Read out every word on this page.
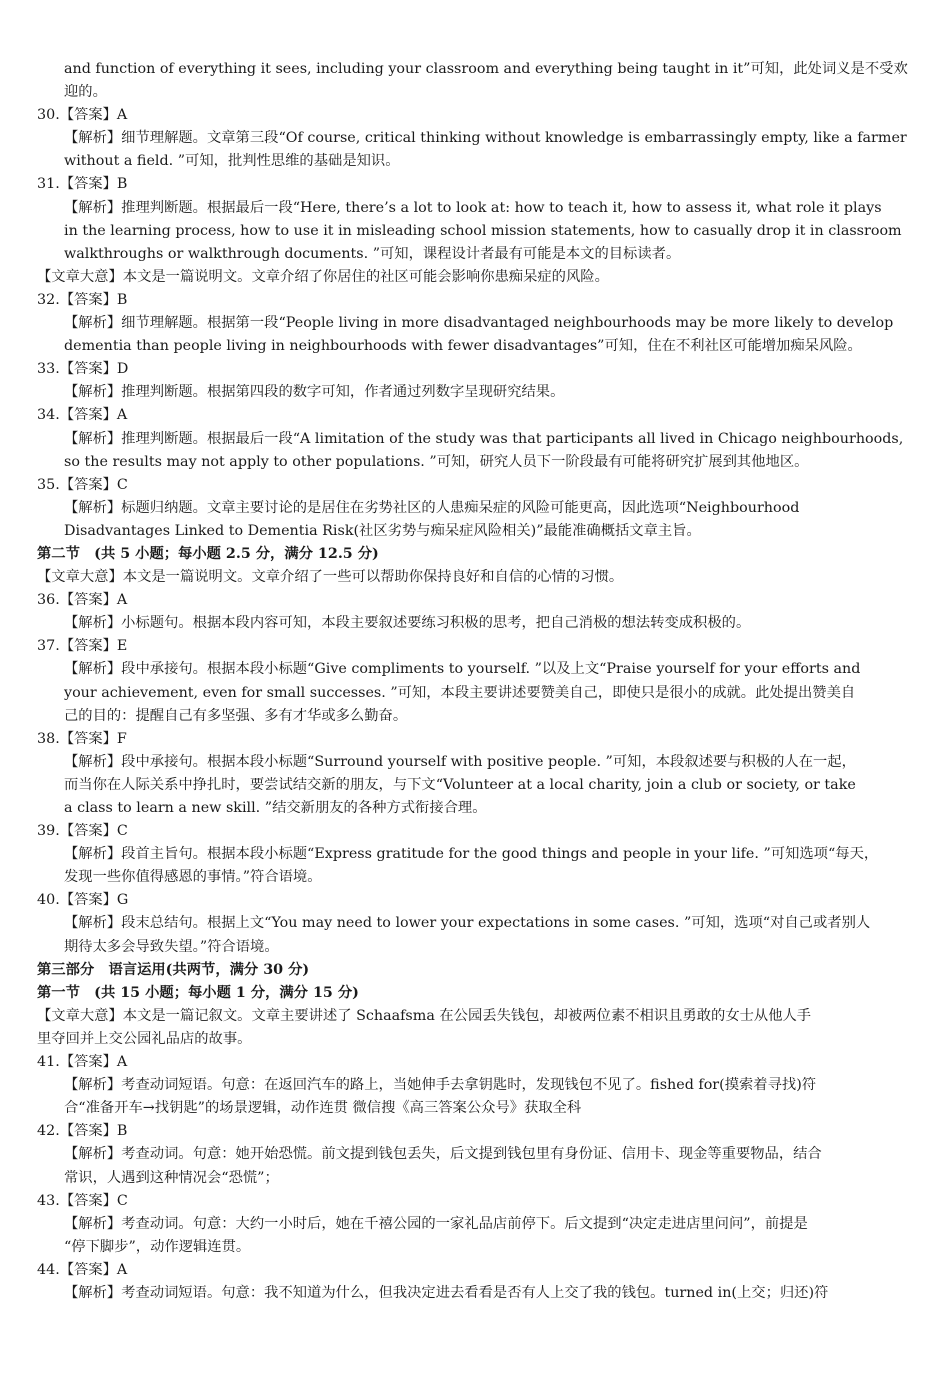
and function of everything it sees, including your classroom and everything being taught in it”可知，此处词义是不受欢

迎的。

30.【答案】A

【解析】细节理解题。文章第三段“Of course, critical thinking without knowledge is embarrassingly empty, like a farmer

without a field. ”可知，批判性思维的基础是知识。

31.【答案】B

【解析】推理判断题。根据最后一段“Here, there’s a lot to look at: how to teach it, how to assess it, what role it plays

in the learning process, how to use it in misleading school mission statements, how to casually drop it in classroom

walkthroughs or walkthrough documents. ”可知，课程设计者最有可能是本文的目标读者。

【文章大意】本文是一篇说明文。文章介绍了你居住的社区可能会影响你患痴呆症的风险。

32.【答案】B

【解析】细节理解题。根据第一段“People living in more disadvantaged neighbourhoods may be more likely to develop

dementia than people living in neighbourhoods with fewer disadvantages”可知，住在不利社区可能增加痴呆风险。

33.【答案】D

【解析】推理判断题。根据第四段的数字可知，作者通过列数字呈现研究结果。

34.【答案】A

【解析】推理判断题。根据最后一段“A limitation of the study was that participants all lived in Chicago neighbourhoods,

so the results may not apply to other populations. ”可知，研究人员下一阶段最有可能将研究扩展到其他地区。

35.【答案】C

【解析】标题归纳题。文章主要讨论的是居住在劣势社区的人患痴呆症的风险可能更高，因此选项“Neighbourhood

Disadvantages Linked to Dementia Risk(社区劣势与痴呆症风险相关)”最能准确概括文章主旨。

第二节　(共 5 小题；每小题 2.5 分，满分 12.5 分)

【文章大意】本文是一篇说明文。文章介绍了一些可以帮助你保持良好和自信的心情的习惯。

36.【答案】A

【解析】小标题句。根据本段内容可知，本段主要叙述要练习积极的思考，把自己消极的想法转变成积极的。

37.【答案】E

【解析】段中承接句。根据本段小标题“Give compliments to yourself. ”以及上文“Praise yourself for your efforts and

your achievement, even for small successes. ”可知，本段主要讲述要赞美自己，即使只是很小的成就。此处提出赞美自

己的目的：提醒自己有多坚强、多有才华或多么勤奋。

38.【答案】F

【解析】段中承接句。根据本段小标题“Surround yourself with positive people. ”可知，本段叙述要与积极的人在一起，

而当你在人际关系中挣扎时，要尝试结交新的朋友，与下文“Volunteer at a local charity, join a club or society, or take

a class to learn a new skill. ”结交新朋友的各种方式衔接合理。

39.【答案】C

【解析】段首主旨句。根据本段小标题“Express gratitude for the good things and people in your life. ”可知选项“每天，

发现一些你值得感恩的事情。”符合语境。

40.【答案】G

【解析】段末总结句。根据上文“You may need to lower your expectations in some cases. ”可知，选项“对自己或者别人

期待太多会导致失望。”符合语境。

第三部分　语言运用(共两节，满分 30 分)

第一节　(共 15 小题；每小题 1 分，满分 15 分)

【文章大意】本文是一篇记叙文。文章主要讲述了 Schaafsma 在公园丢失钱包，却被两位素不相识且勇敢的女士从他人手

里夺回并上交公园礼品店的故事。

41.【答案】A

【解析】考查动词短语。句意：在返回汽车的路上，当她伸手去拿钥匙时，发现钱包不见了。fished for(摸索着寻找)符

合“准备开车→找钥匙”的场景逻辑，动作连贯 微信搜《高三答案公众号》获取全科

42.【答案】B

【解析】考查动词。句意：她开始恐慌。前文提到钱包丢失，后文提到钱包里有身份证、信用卡、现金等重要物品，结合

常识，人遇到这种情况会“恐慌”；

43.【答案】C

【解析】考查动词。句意：大约一小时后，她在千禧公园的一家礼品店前停下。后文提到“决定走进店里问问”，前提是

“停下脚步”，动作逻辑连贯。

44.【答案】A

【解析】考查动词短语。句意：我不知道为什么，但我决定进去看看是否有人上交了我的钱包。turned in(上交；归还)符
